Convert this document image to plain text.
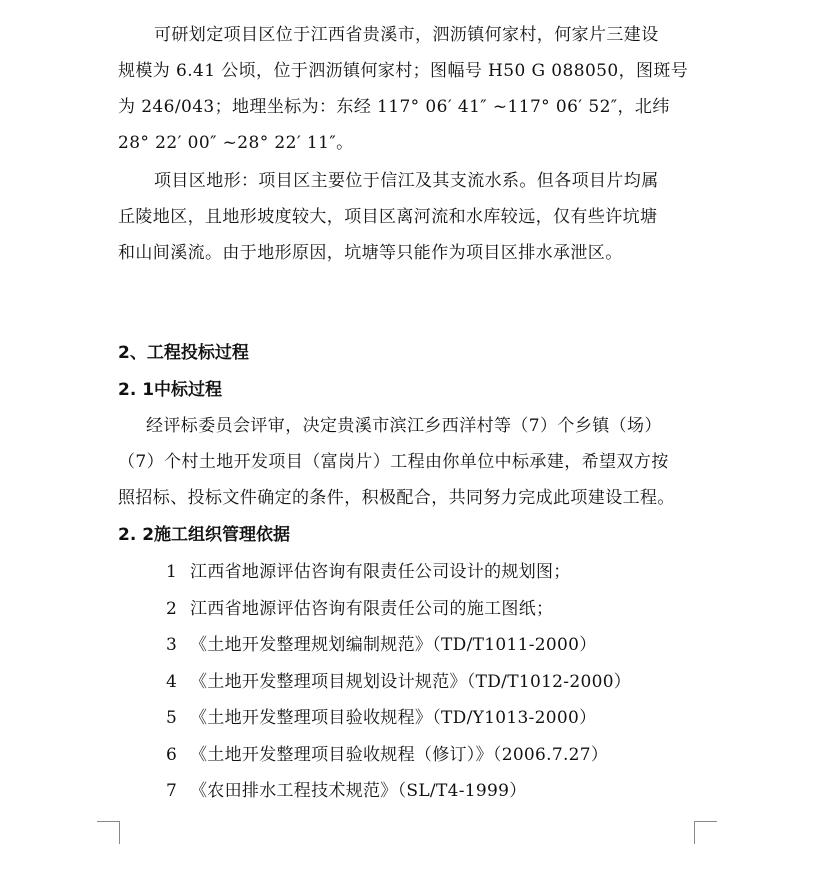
可研划定项目区位于江西省贵溪市，泗沥镇何家村，何家片三建设
规模为 6.41 公顷，位于泗沥镇何家村；图幅号 H50 G 088050，图斑号
为 246/043；地理坐标为：东经 117° 06′ 41″ ~117° 06′ 52″，北纬
28° 22′ 00″ ~28° 22′ 11″。
项目区地形：项目区主要位于信江及其支流水系。但各项目片均属
丘陵地区，且地形坡度较大，项目区离河流和水库较远，仅有些许坑塘
和山间溪流。由于地形原因，坑塘等只能作为项目区排水承泄区。
2、工程投标过程
2. 1中标过程
经评标委员会评审，决定贵溪市滨江乡西洋村等（7）个乡镇（场）
（7）个村土地开发项目（富岗片）工程由你单位中标承建，希望双方按
照招标、投标文件确定的条件，积极配合，共同努力完成此项建设工程。
2. 2施工组织管理依据
1 江西省地源评估咨询有限责任公司设计的规划图；
2 江西省地源评估咨询有限责任公司的施工图纸；
3 《土地开发整理规划编制规范》（TD/T1011-2000）
4 《土地开发整理项目规划设计规范》（TD/T1012-2000）
5 《土地开发整理项目验收规程》（TD/Y1013-2000）
6 《土地开发整理项目验收规程（修订）》（2006.7.27）
7 《农田排水工程技术规范》（SL/T4-1999）
